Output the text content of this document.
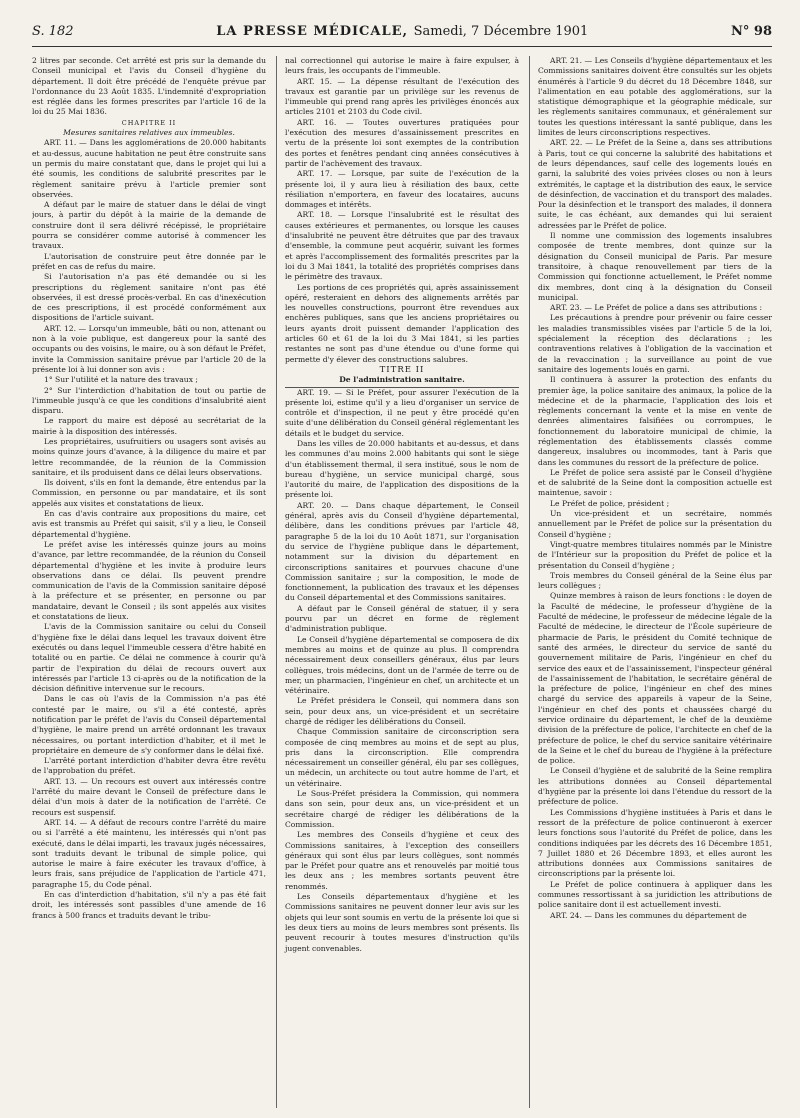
S. 182	LA PRESSE MÉDICALE, Samedi, 7 Décembre 1901	N° 98

2 litres par seconde. Cet arrêté est pris sur la demande du Conseil municipal et l'avis du Conseil d'hygiène du département. Il doit être précédé de l'enquête prévue par l'ordonnance du 23 Août 1835. L'indemnité d'expropriation est réglée dans les formes prescrites par l'article 16 de la loi du 25 Mai 1836.

CHAPITRE II

Mesures sanitaires relatives aux immeubles.

ART. 11. — Dans les agglomérations de 20.000 habitants et au-dessus, aucune habitation ne peut être construite sans un permis du maire constatant que, dans le projet qui lui a été soumis, les conditions de salubrité prescrites par le règlement sanitaire prévu à l'article premier sont observées.

A défaut par le maire de statuer dans le délai de vingt jours, à partir du dépôt à la mairie de la demande de construire dont il sera délivré récépissé, le propriétaire pourra se considérer comme autorisé à commencer les travaux.

L'autorisation de construire peut être donnée par le préfet en cas de refus du maire.

Si l'autorisation n'a pas été demandée ou si les prescriptions du règlement sanitaire n'ont pas été observées, il est dressé procès-verbal. En cas d'inexécution de ces prescriptions, il est procédé conformément aux dispositions de l'article suivant.

ART. 12. — Lorsqu'un immeuble, bâti ou non, attenant ou non à la voie publique, est dangereux pour la santé des occupants ou des voisins, le maire, ou à son défaut le Préfet, invite la Commission sanitaire prévue par l'article 20 de la présente loi à lui donner son avis :

1° Sur l'utilité et la nature des travaux ;

2° Sur l'interdiction d'habitation de tout ou partie de l'immeuble jusqu'à ce que les conditions d'insalubrité aient disparu.

Le rapport du maire est déposé au secrétariat de la mairie à la disposition des intéressés.

Les propriétaires, usufruitiers ou usagers sont avisés au moins quinze jours d'avance, à la diligence du maire et par lettre recommandée, de la réunion de la Commission sanitaire, et ils produisent dans ce délai leurs observations.

Ils doivent, s'ils en font la demande, être entendus par la Commission, en personne ou par mandataire, et ils sont appelés aux visites et constatations de lieux.

En cas d'avis contraire aux propositions du maire, cet avis est transmis au Préfet qui saisit, s'il y a lieu, le Conseil départemental d'hygiène.

Le préfet avise les intéressés quinze jours au moins d'avance, par lettre recommandée, de la réunion du Conseil départemental d'hygiène et les invite à produire leurs observations dans ce délai. Ils peuvent prendre communication de l'avis de la Commission sanitaire déposé à la préfecture et se présenter, en personne ou par mandataire, devant le Conseil ; ils sont appelés aux visites et constatations de lieux.

L'avis de la Commission sanitaire ou celui du Conseil d'hygiène fixe le délai dans lequel les travaux doivent être exécutés ou dans lequel l'immeuble cessera d'être habité en totalité ou en partie. Ce délai ne commence à courir qu'à partir de l'expiration du délai de recours ouvert aux intéressés par l'article 13 ci-après ou de la notification de la décision définitive intervenue sur le recours.

Dans le cas où l'avis de la Commission n'a pas été contesté par le maire, ou s'il a été contesté, après notification par le préfet de l'avis du Conseil départemental d'hygiène, le maire prend un arrêté ordonnant les travaux nécessaires, ou portant interdiction d'habiter, et il met le propriétaire en demeure de s'y conformer dans le délai fixé.

L'arrêté portant interdiction d'habiter devra être revêtu de l'approbation du préfet.

ART. 13. — Un recours est ouvert aux intéressés contre l'arrêté du maire devant le Conseil de préfecture dans le délai d'un mois à dater de la notification de l'arrêté. Ce recours est suspensif.

ART. 14. — A défaut de recours contre l'arrêté du maire ou si l'arrêté a été maintenu, les intéressés qui n'ont pas exécuté, dans le délai imparti, les travaux jugés nécessaires, sont traduits devant le tribunal de simple police, qui autorise le maire à faire exécuter les travaux d'office, à leurs frais, sans préjudice de l'application de l'article 471, paragraphe 15, du Code pénal.

En cas d'interdiction d'habitation, s'il n'y a pas été fait droit, les intéressés sont passibles d'une amende de 16 francs à 500 francs et traduits devant le tribu-

nal correctionnel qui autorise le maire à faire expulser, à leurs frais, les occupants de l'immeuble.

ART. 15. — La dépense résultant de l'exécution des travaux est garantie par un privilège sur les revenus de l'immeuble qui prend rang après les privilèges énoncés aux articles 2101 et 2103 du Code civil.

ART. 16. — Toutes ouvertures pratiquées pour l'exécution des mesures d'assainissement prescrites en vertu de la présente loi sont exemptes de la contribution des portes et fenêtres pendant cinq années consécutives à partir de l'achèvement des travaux.

ART. 17. — Lorsque, par suite de l'exécution de la présente loi, il y aura lieu à résiliation des baux, cette résiliation n'emportera, en faveur des locataires, aucuns dommages et intérêts.

ART. 18. — Lorsque l'insalubrité est le résultat des causes extérieures et permanentes, ou lorsque les causes d'insalubrité ne peuvent être détruites que par des travaux d'ensemble, la commune peut acquérir, suivant les formes et après l'accomplissement des formalités prescrites par la loi du 3 Mai 1841, la totalité des propriétés comprises dans le périmètre des travaux.

Les portions de ces propriétés qui, après assainissement opéré, resteraient en dehors des alignements arrêtés par les nouvelles constructions, pourront être revendues aux enchères publiques, sans que les anciens propriétaires ou leurs ayants droit puissent demander l'application des articles 60 et 61 de la loi du 3 Mai 1841, si les parties restantes ne sont pas d'une étendue ou d'une forme qui permette d'y élever des constructions salubres.

TITRE II

De l'administration sanitaire.

ART. 19. — Si le Préfet, pour assurer l'exécution de la présente loi, estime qu'il y a lieu d'organiser un service de contrôle et d'inspection, il ne peut y être procédé qu'en suite d'une délibération du Conseil général réglementant les détails et le budget du service.

Dans les villes de 20.000 habitants et au-dessus, et dans les communes d'au moins 2.000 habitants qui sont le siège d'un établissement thermal, il sera institué, sous le nom de bureau d'hygiène, un service municipal chargé, sous l'autorité du maire, de l'application des dispositions de la présente loi.

ART. 20. — Dans chaque département, le Conseil général, après avis du Conseil d'hygiène départemental, délibère, dans les conditions prévues par l'article 48, paragraphe 5 de la loi du 10 Août 1871, sur l'organisation du service de l'hygiène publique dans le département, notamment sur la division du département en circonscriptions sanitaires et pourvues chacune d'une Commission sanitaire ; sur la composition, le mode de fonctionnement, la publication des travaux et les dépenses du Conseil départemental et des Commissions sanitaires.

A défaut par le Conseil général de statuer, il y sera pourvu par un décret en forme de règlement d'administration publique.

Le Conseil d'hygiène départemental se composera de dix membres au moins et de quinze au plus. Il comprendra nécessairement deux conseillers généraux, élus par leurs collègues, trois médecins, dont un de l'armée de terre ou de mer, un pharmacien, l'ingénieur en chef, un architecte et un vétérinaire.

Le Préfet présidera le Conseil, qui nommera dans son sein, pour deux ans, un vice-président et un secrétaire chargé de rédiger les délibérations du Conseil.

Chaque Commission sanitaire de circonscription sera composée de cinq membres au moins et de sept au plus, pris dans la circonscription. Elle comprendra nécessairement un conseiller général, élu par ses collègues, un médecin, un architecte ou tout autre homme de l'art, et un vétérinaire.

Le Sous-Préfet présidera la Commission, qui nommera dans son sein, pour deux ans, un vice-président et un secrétaire chargé de rédiger les délibérations de la Commission.

Les membres des Conseils d'hygiène et ceux des Commissions sanitaires, à l'exception des conseillers généraux qui sont élus par leurs collègues, sont nommés par le Préfet pour quatre ans et renouvelés par moitié tous les deux ans ; les membres sortants peuvent être renommés.

Les Conseils départementaux d'hygiène et les Commissions sanitaires ne peuvent donner leur avis sur les objets qui leur sont soumis en vertu de la présente loi que si les deux tiers au moins de leurs membres sont présents. Ils peuvent recourir à toutes mesures d'instruction qu'ils jugent convenables.

ART. 21. — Les Conseils d'hygiène départementaux et les Commissions sanitaires doivent être consultés sur les objets énumérés à l'article 9 du décret du 18 Décembre 1848, sur l'alimentation en eau potable des agglomérations, sur la statistique démographique et la géographie médicale, sur les règlements sanitaires communaux, et généralement sur toutes les questions intéressant la santé publique, dans les limites de leurs circonscriptions respectives.

ART. 22. — Le Préfet de la Seine a, dans ses attributions à Paris, tout ce qui concerne la salubrité des habitations et de leurs dépendances, sauf celle des logements loués en garni, la salubrité des voies privées closes ou non à leurs extrémités, le captage et la distribution des eaux, le service de désinfection, de vaccination et du transport des malades. Pour la désinfection et le transport des malades, il donnera suite, le cas échéant, aux demandes qui lui seraient adressées par le Préfet de police.

Il nomme une commission des logements insalubres composée de trente membres, dont quinze sur la désignation du Conseil municipal de Paris. Par mesure transitoire, à chaque renouvellement par tiers de la Commission qui fonctionne actuellement, le Préfet nomme dix membres, dont cinq à la désignation du Conseil municipal.

ART. 23. — Le Préfet de police a dans ses attributions :

Les précautions à prendre pour prévenir ou faire cesser les maladies transmissibles visées par l'article 5 de la loi, spécialement la réception des déclarations ; les contraventions relatives à l'obligation de la vaccination et de la revaccination ; la surveillance au point de vue sanitaire des logements loués en garni.

Il continuera à assurer la protection des enfants du premier âge, la police sanitaire des animaux, la police de la médecine et de la pharmacie, l'application des lois et règlements concernant la vente et la mise en vente de denrées alimentaires falsifiées ou corrompues, le fonctionnement du laboratoire municipal de chimie, la réglementation des établissements classés comme dangereux, insalubres ou incommodes, tant à Paris que dans les communes du ressort de la préfecture de police.

Le Préfet de police sera assisté par le Conseil d'hygiène et de salubrité de la Seine dont la composition actuelle est maintenue, savoir :

Le Préfet de police, président ;

Un vice-président et un secrétaire, nommés annuellement par le Préfet de police sur la présentation du Conseil d'hygiène ;

Vingt-quatre membres titulaires nommés par le Ministre de l'Intérieur sur la proposition du Préfet de police et la présentation du Conseil d'hygiène ;

Trois membres du Conseil général de la Seine élus par leurs collègues ;

Quinze membres à raison de leurs fonctions : le doyen de la Faculté de médecine, le professeur d'hygiène de la Faculté de médecine, le professeur de médecine légale de la Faculté de médecine, le directeur de l'École supérieure de pharmacie de Paris, le président du Comité technique de santé des armées, le directeur du service de santé du gouvernement militaire de Paris, l'ingénieur en chef du service des eaux et de l'assainissement, l'inspecteur général de l'assainissement de l'habitation, le secrétaire général de la préfecture de police, l'ingénieur en chef des mines chargé du service des appareils à vapeur de la Seine, l'ingénieur en chef des ponts et chaussées chargé du service ordinaire du département, le chef de la deuxième division de la préfecture de police, l'architecte en chef de la préfecture de police, le chef du service sanitaire vétérinaire de la Seine et le chef du bureau de l'hygiène à la préfecture de police.

Le Conseil d'hygiène et de salubrité de la Seine remplira les attributions données au Conseil départemental d'hygiène par la présente loi dans l'étendue du ressort de la préfecture de police.

Les Commissions d'hygiène instituées à Paris et dans le ressort de la préfecture de police continueront à exercer leurs fonctions sous l'autorité du Préfet de police, dans les conditions indiquées par les décrets des 16 Décembre 1851, 7 Juillet 1880 et 26 Décembre 1893, et elles auront les attributions données aux Commissions sanitaires de circonscriptions par la présente loi.

Le Préfet de police continuera à appliquer dans les communes ressortissant à sa juridiction les attributions de police sanitaire dont il est actuellement investi.

ART. 24. — Dans les communes du département de
